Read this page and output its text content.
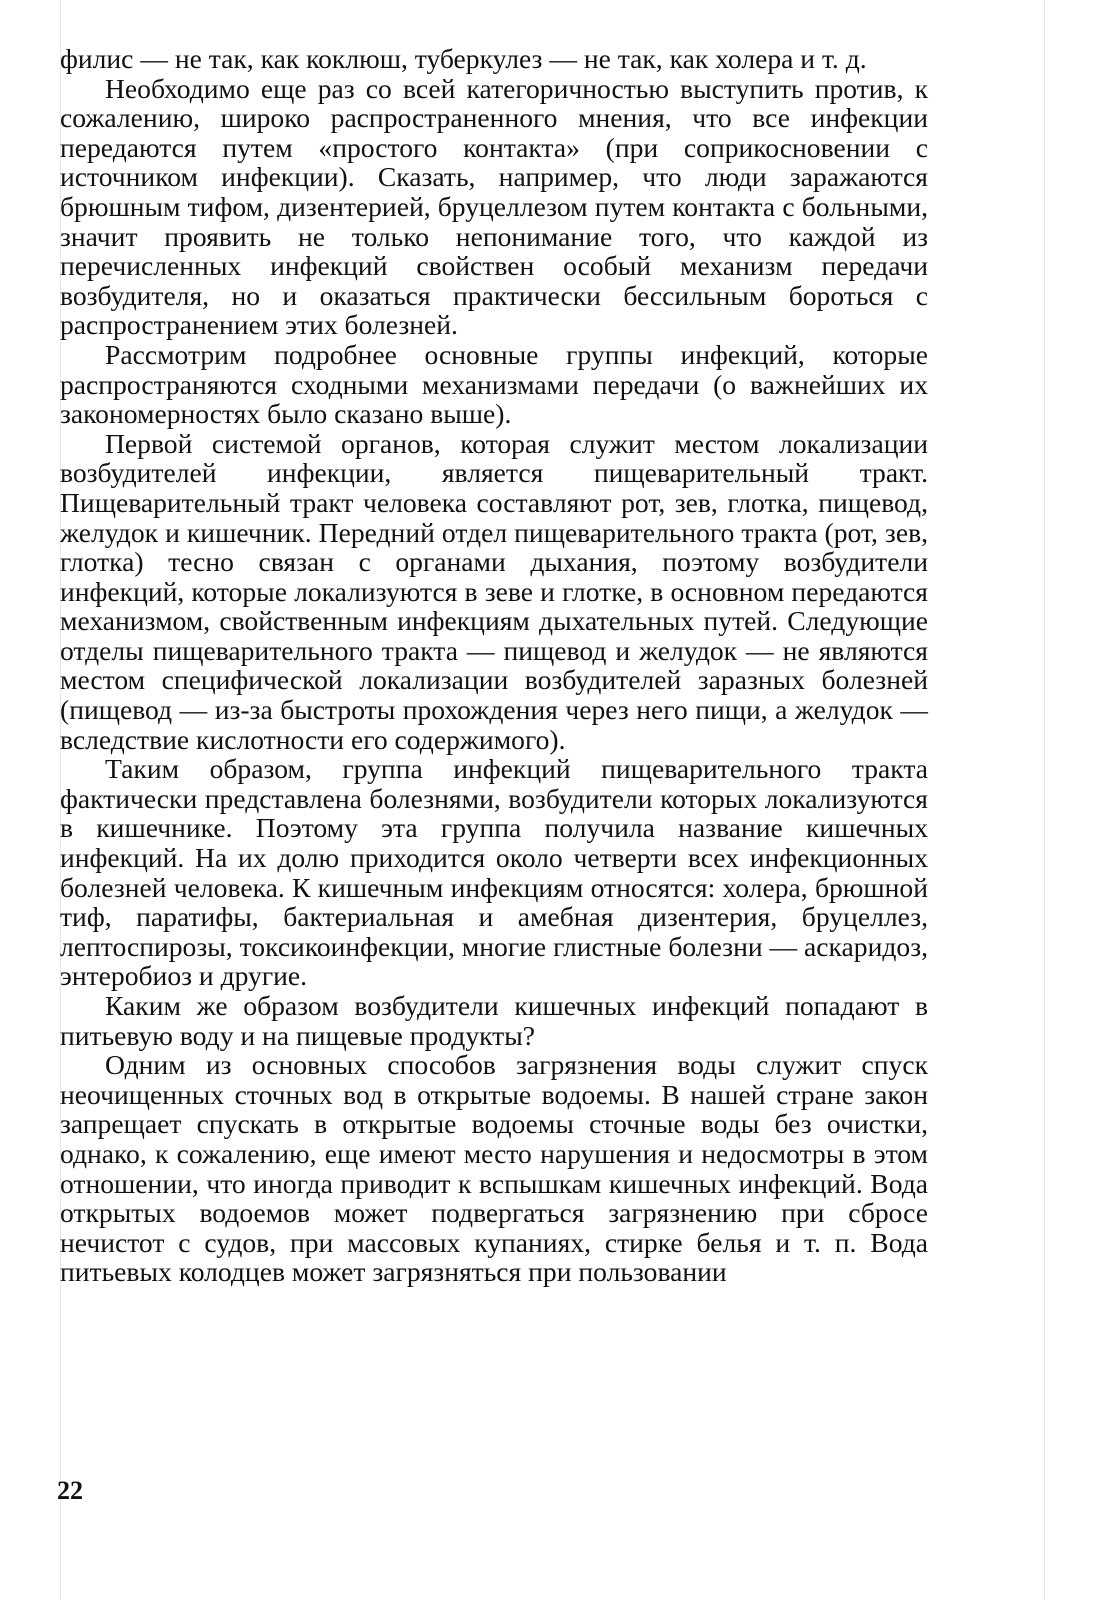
филис — не так, как коклюш, туберкулез — не так, как холера и т. д.

Необходимо еще раз со всей категоричностью выступить против, к сожалению, широко распространенного мнения, что все инфекции передаются путем «простого контакта» (при соприкосновении с источником инфекции). Сказать, например, что люди заражаются брюшным тифом, дизентерией, бруцеллезом путем контакта с больными, значит проявить не только непонимание того, что каждой из перечисленных инфекций свойствен особый механизм передачи возбудителя, но и оказаться практически бессильным бороться с распространением этих болезней.

Рассмотрим подробнее основные группы инфекций, которые распространяются сходными механизмами передачи (о важнейших их закономерностях было сказано выше).

Первой системой органов, которая служит местом локализации возбудителей инфекции, является пищеварительный тракт. Пищеварительный тракт человека составляют рот, зев, глотка, пищевод, желудок и кишечник. Передний отдел пищеварительного тракта (рот, зев, глотка) тесно связан с органами дыхания, поэтому возбудители инфекций, которые локализуются в зеве и глотке, в основном передаются механизмом, свойственным инфекциям дыхательных путей. Следующие отделы пищеварительного тракта — пищевод и желудок — не являются местом специфической локализации возбудителей заразных болезней (пищевод — из-за быстроты прохождения через него пищи, а желудок — вследствие кислотности его содержимого).

Таким образом, группа инфекций пищеварительного тракта фактически представлена болезнями, возбудители которых локализуются в кишечнике. Поэтому эта группа получила название кишечных инфекций. На их долю приходится около четверти всех инфекционных болезней человека. К кишечным инфекциям относятся: холера, брюшной тиф, паратифы, бактериальная и амебная дизентерия, бруцеллез, лептоспирозы, токсикоинфекции, многие глистные болезни — аскаридоз, энтеробиоз и другие.

Каким же образом возбудители кишечных инфекций попадают в питьевую воду и на пищевые продукты?

Одним из основных способов загрязнения воды служит спуск неочищенных сточных вод в открытые водоемы. В нашей стране закон запрещает спускать в открытые водоемы сточные воды без очистки, однако, к сожалению, еще имеют место нарушения и недосмотры в этом отношении, что иногда приводит к вспышкам кишечных инфекций. Вода открытых водоемов может подвергаться загрязнению при сбросе нечистот с судов, при массовых купаниях, стирке белья и т. п. Вода питьевых колодцев может загрязняться при пользовании

22
